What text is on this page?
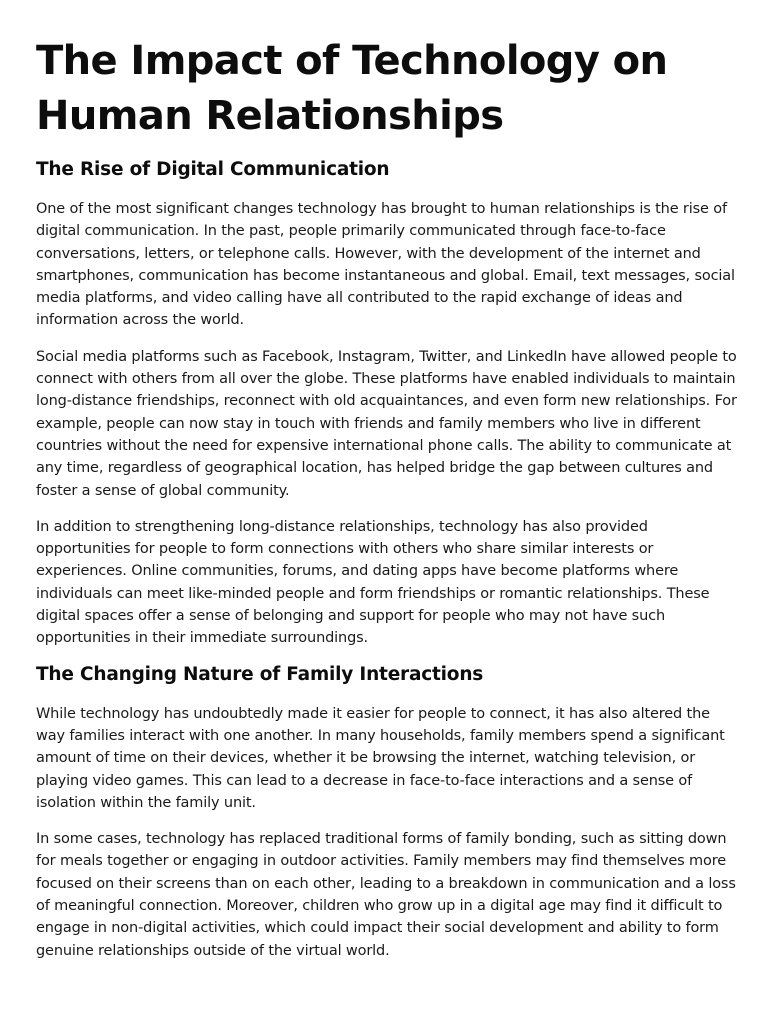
The Impact of Technology on Human Relationships
The Rise of Digital Communication

One of the most significant changes technology has brought to human relationships is the rise of digital communication. In the past, people primarily communicated through face-to-face conversations, letters, or telephone calls. However, with the development of the internet and smartphones, communication has become instantaneous and global. Email, text messages, social media platforms, and video calling have all contributed to the rapid exchange of ideas and information across the world.

Social media platforms such as Facebook, Instagram, Twitter, and LinkedIn have allowed people to connect with others from all over the globe. These platforms have enabled individuals to maintain long-distance friendships, reconnect with old acquaintances, and even form new relationships. For example, people can now stay in touch with friends and family members who live in different countries without the need for expensive international phone calls. The ability to communicate at any time, regardless of geographical location, has helped bridge the gap between cultures and foster a sense of global community.

In addition to strengthening long-distance relationships, technology has also provided opportunities for people to form connections with others who share similar interests or experiences. Online communities, forums, and dating apps have become platforms where individuals can meet like-minded people and form friendships or romantic relationships. These digital spaces offer a sense of belonging and support for people who may not have such opportunities in their immediate surroundings.

The Changing Nature of Family Interactions

While technology has undoubtedly made it easier for people to connect, it has also altered the way families interact with one another. In many households, family members spend a significant amount of time on their devices, whether it be browsing the internet, watching television, or playing video games. This can lead to a decrease in face-to-face interactions and a sense of isolation within the family unit.

In some cases, technology has replaced traditional forms of family bonding, such as sitting down for meals together or engaging in outdoor activities. Family members may find themselves more focused on their screens than on each other, leading to a breakdown in communication and a loss of meaningful connection. Moreover, children who grow up in a digital age may find it difficult to engage in non-digital activities, which could impact their social development and ability to form genuine relationships outside of the virtual world.
